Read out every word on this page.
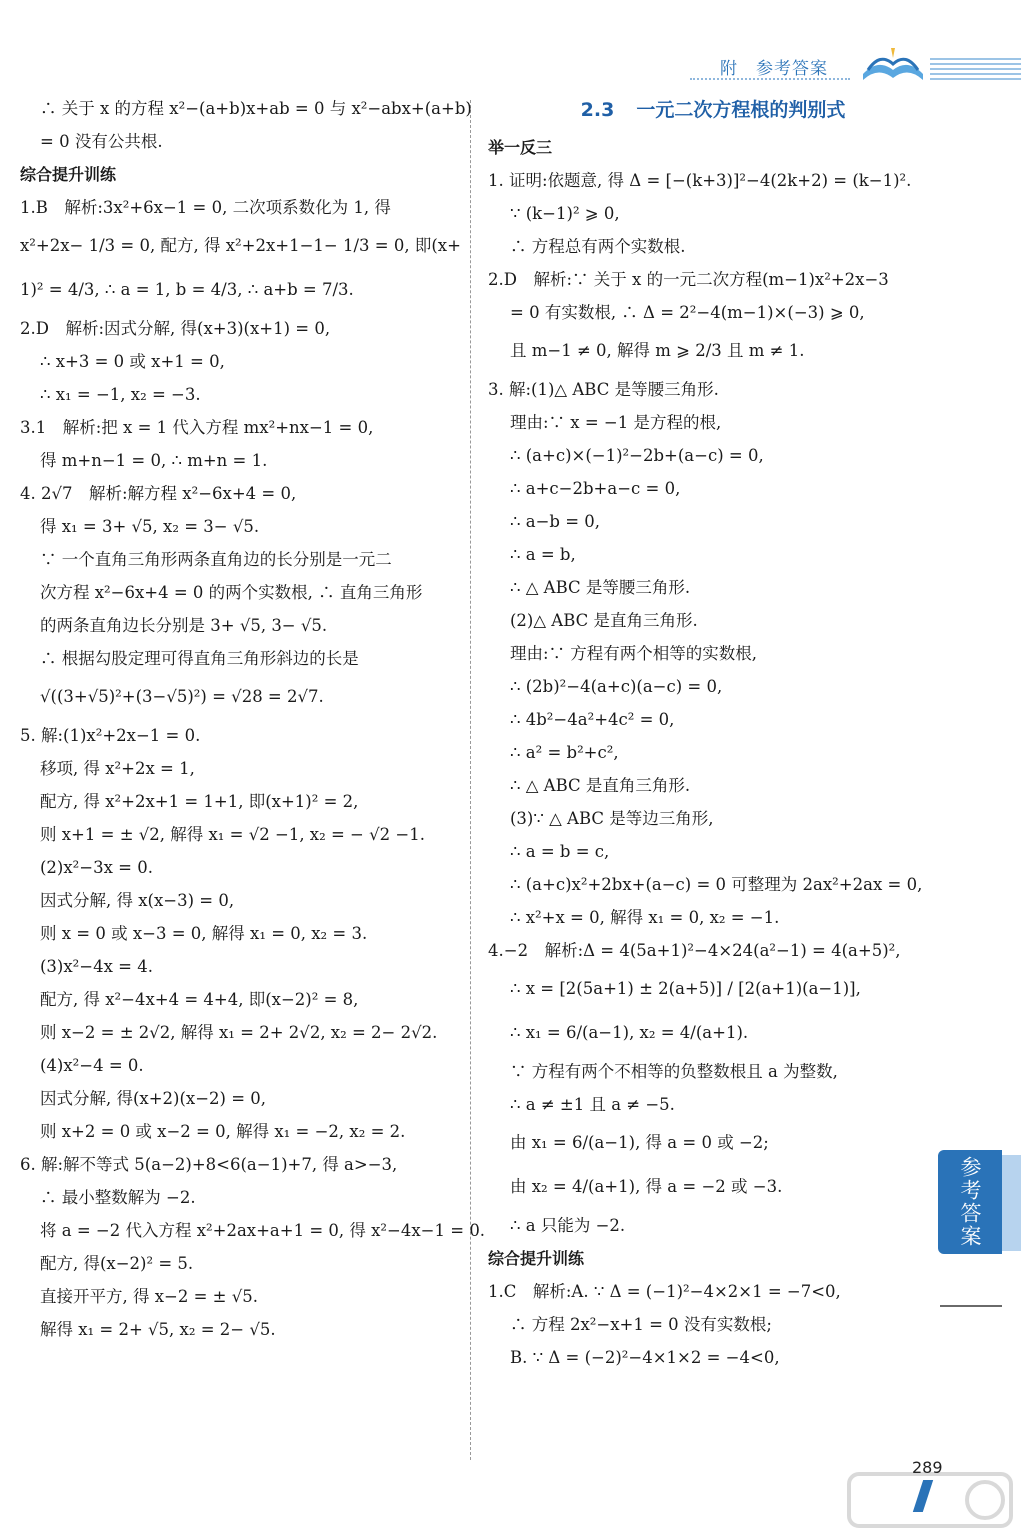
附　参考答案
∴ 关于 x 的方程 x²−(a+b)x+ab = 0 与 x²−abx+(a+b)
= 0 没有公共根.
综合提升训练
1.B　解析:3x²+6x−1 = 0, 二次项系数化为 1, 得
x²+2x− 1/3 = 0, 配方, 得 x²+2x+1−1− 1/3 = 0, 即(x+
1)² = 4/3, ∴ a = 1, b = 4/3, ∴ a+b = 7/3.
2.D　解析:因式分解, 得(x+3)(x+1) = 0,
∴ x+3 = 0 或 x+1 = 0,
∴ x₁ = −1, x₂ = −3.
3.1　解析:把 x = 1 代入方程 mx²+nx−1 = 0,
得 m+n−1 = 0, ∴ m+n = 1.
4. 2√7　解析:解方程 x²−6x+4 = 0,
得 x₁ = 3+ √5, x₂ = 3− √5.
∵ 一个直角三角形两条直角边的长分别是一元二
次方程 x²−6x+4 = 0 的两个实数根, ∴ 直角三角形
的两条直角边长分别是 3+ √5, 3− √5.
∴ 根据勾股定理可得直角三角形斜边的长是
√((3+√5)²+(3−√5)²) = √28 = 2√7.
5. 解:(1)x²+2x−1 = 0.
移项, 得 x²+2x = 1,
配方, 得 x²+2x+1 = 1+1, 即(x+1)² = 2,
则 x+1 = ± √2, 解得 x₁ = √2 −1, x₂ = − √2 −1.
(2)x²−3x = 0.
因式分解, 得 x(x−3) = 0,
则 x = 0 或 x−3 = 0, 解得 x₁ = 0, x₂ = 3.
(3)x²−4x = 4.
配方, 得 x²−4x+4 = 4+4, 即(x−2)² = 8,
则 x−2 = ± 2√2, 解得 x₁ = 2+ 2√2, x₂ = 2− 2√2.
(4)x²−4 = 0.
因式分解, 得(x+2)(x−2) = 0,
则 x+2 = 0 或 x−2 = 0, 解得 x₁ = −2, x₂ = 2.
6. 解:解不等式 5(a−2)+8<6(a−1)+7, 得 a>−3,
∴ 最小整数解为 −2.
将 a = −2 代入方程 x²+2ax+a+1 = 0, 得 x²−4x−1 = 0.
配方, 得(x−2)² = 5.
直接开平方, 得 x−2 = ± √5.
解得 x₁ = 2+ √5, x₂ = 2− √5.
2.3 一元二次方程根的判别式
举一反三
1. 证明:依题意, 得 Δ = [−(k+3)]²−4(2k+2) = (k−1)².
∵ (k−1)² ⩾ 0,
∴ 方程总有两个实数根.
2.D　解析:∵ 关于 x 的一元二次方程(m−1)x²+2x−3
= 0 有实数根, ∴ Δ = 2²−4(m−1)×(−3) ⩾ 0,
且 m−1 ≠ 0, 解得 m ⩾ 2/3 且 m ≠ 1.
3. 解:(1)△ ABC 是等腰三角形.
理由:∵ x = −1 是方程的根,
∴ (a+c)×(−1)²−2b+(a−c) = 0,
∴ a+c−2b+a−c = 0,
∴ a−b = 0,
∴ a = b,
∴ △ ABC 是等腰三角形.
(2)△ ABC 是直角三角形.
理由:∵ 方程有两个相等的实数根,
∴ (2b)²−4(a+c)(a−c) = 0,
∴ 4b²−4a²+4c² = 0,
∴ a² = b²+c²,
∴ △ ABC 是直角三角形.
(3)∵ △ ABC 是等边三角形,
∴ a = b = c,
∴ (a+c)x²+2bx+(a−c) = 0 可整理为 2ax²+2ax = 0,
∴ x²+x = 0, 解得 x₁ = 0, x₂ = −1.
4.−2　解析:Δ = 4(5a+1)²−4×24(a²−1) = 4(a+5)²,
∴ x = [2(5a+1) ± 2(a+5)] / [2(a+1)(a−1)],
∴ x₁ = 6/(a−1), x₂ = 4/(a+1).
∵ 方程有两个不相等的负整数根且 a 为整数,
∴ a ≠ ±1 且 a ≠ −5.
由 x₁ = 6/(a−1), 得 a = 0 或 −2;
由 x₂ = 4/(a+1), 得 a = −2 或 −3.
∴ a 只能为 −2.
综合提升训练
1.C　解析:A. ∵ Δ = (−1)²−4×2×1 = −7<0,
∴ 方程 2x²−x+1 = 0 没有实数根;
B. ∵ Δ = (−2)²−4×1×2 = −4<0,
参考答案
289
